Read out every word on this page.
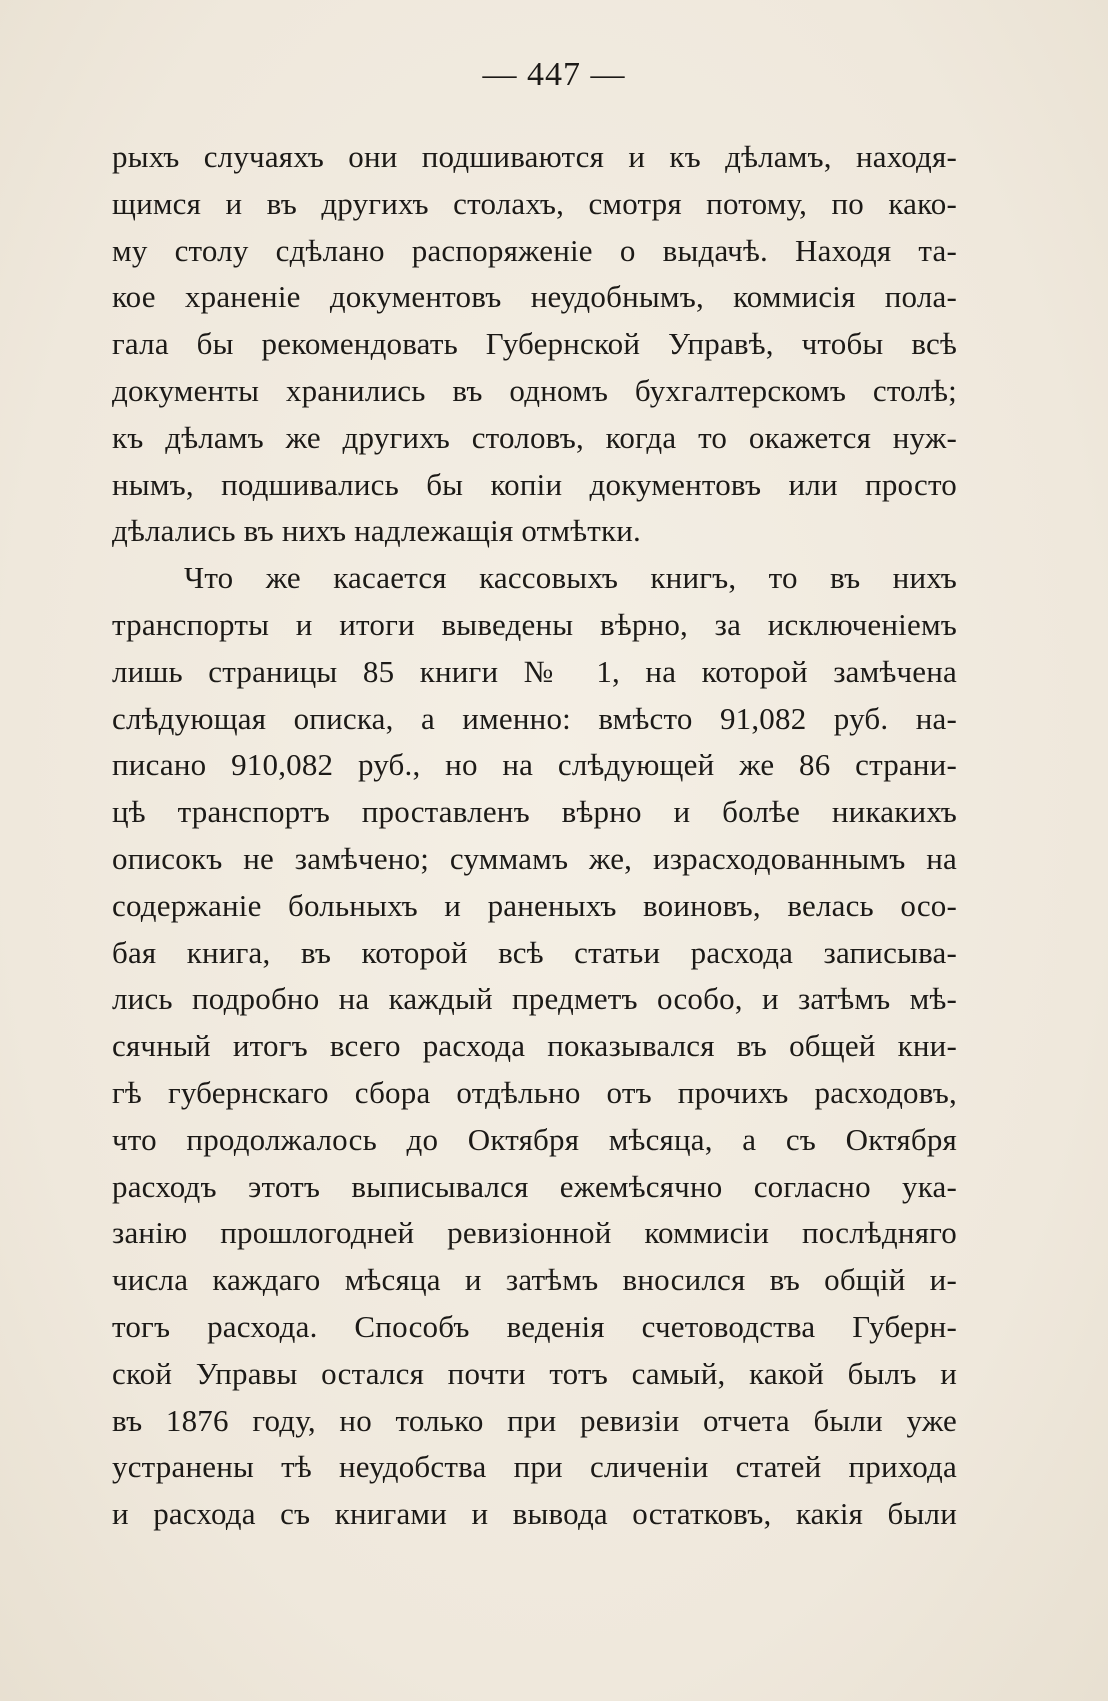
— 447 —
рыхъ случаяхъ они подшиваются и къ дѣламъ, находя-
щимся и въ другихъ столахъ, смотря потому, по како-
му столу сдѣлано распоряженіе о выдачѣ. Находя та-
кое храненіе документовъ неудобнымъ, коммисія пола-
гала бы рекомендовать Губернской Управѣ, чтобы всѣ
документы хранились въ одномъ бухгалтерскомъ столѣ;
къ дѣламъ же другихъ столовъ, когда то окажется нуж-
нымъ, подшивались бы копіи документовъ или просто
дѣлались въ нихъ надлежащія отмѣтки.
Что же касается кассовыхъ книгъ, то въ нихъ
транспорты и итоги выведены вѣрно, за исключеніемъ
лишь страницы 85 книги № 1, на которой замѣчена
слѣдующая описка, а именно: вмѣсто 91,082 руб. на-
писано 910,082 руб., но на слѣдующей же 86 страни-
цѣ транспортъ проставленъ вѣрно и болѣе никакихъ
описокъ не замѣчено; суммамъ же, израсходованнымъ на
содержаніе больныхъ и раненыхъ воиновъ, велась осо-
бая книга, въ которой всѣ статьи расхода записыва-
лись подробно на каждый предметъ особо, и затѣмъ мѣ-
сячный итогъ всего расхода показывался въ общей кни-
гѣ губернскаго сбора отдѣльно отъ прочихъ расходовъ,
что продолжалось до Октября мѣсяца, а съ Октября
расходъ этотъ выписывался ежемѣсячно согласно ука-
занію прошлогодней ревизіонной коммисіи послѣдняго
числа каждаго мѣсяца и затѣмъ вносился въ общій и-
тогъ расхода. Способъ веденія счетоводства Губерн-
ской Управы остался почти тотъ самый, какой былъ и
въ 1876 году, но только при ревизіи отчета были уже
устранены тѣ неудобства при сличеніи статей прихода
и расхода съ книгами и вывода остатковъ, какія были
